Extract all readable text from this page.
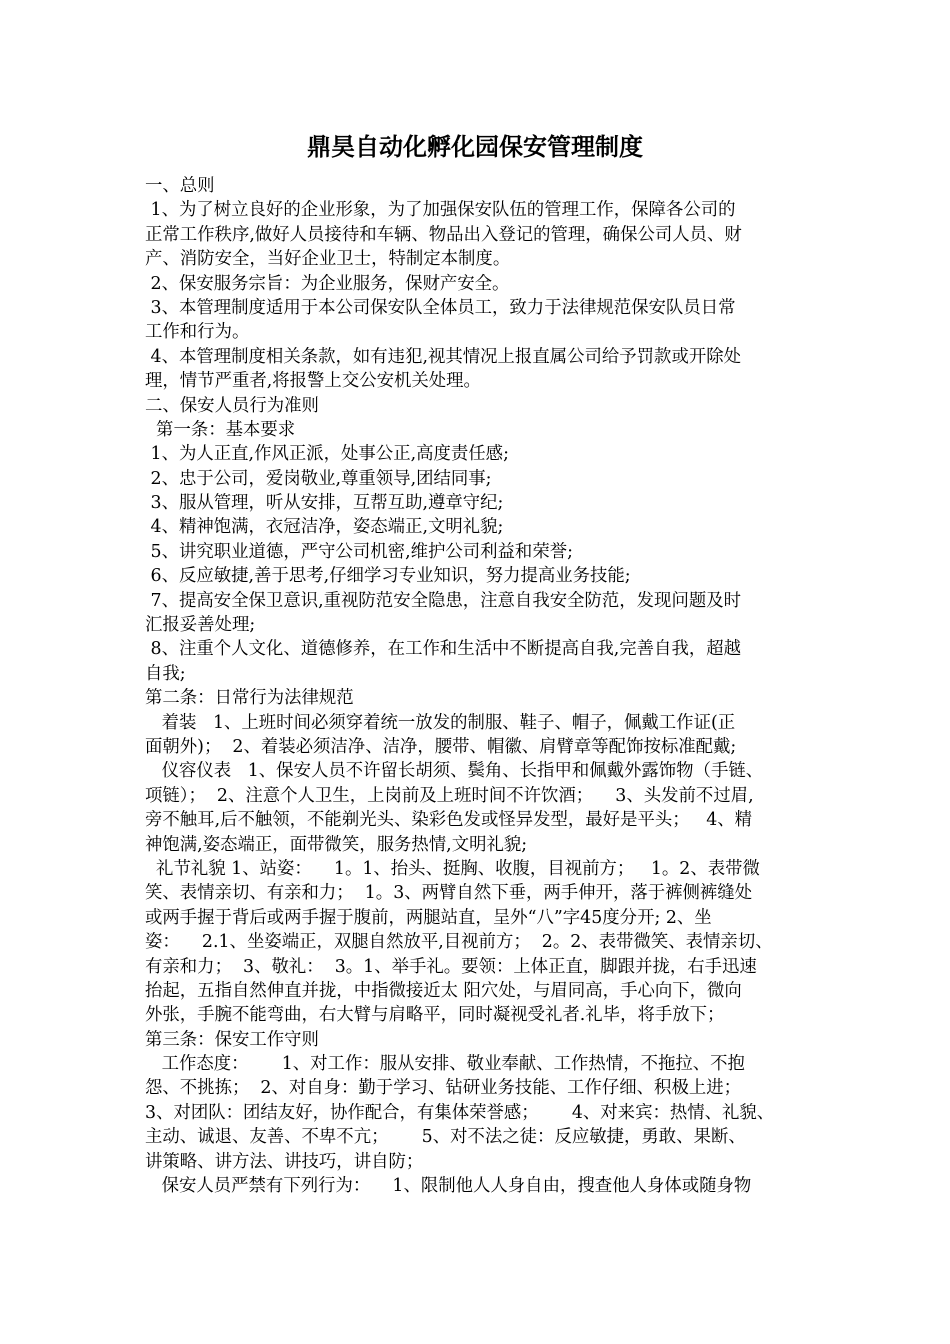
鼎昊自动化孵化园保安管理制度

一、总则

1、为了树立良好的企业形象，为了加强保安队伍的管理工作，保障各公司的

正常工作秩序,做好人员接待和车辆、物品出入登记的管理，确保公司人员、财

产、消防安全，当好企业卫士，特制定本制度。

2、保安服务宗旨：为企业服务，保财产安全。

3、本管理制度适用于本公司保安队全体员工，致力于法律规范保安队员日常

工作和行为。

4、本管理制度相关条款，如有违犯,视其情况上报直属公司给予罚款或开除处

理，情节严重者,将报警上交公安机关处理。

二、保安人员行为准则

第一条：基本要求

1、为人正直,作风正派，处事公正,高度责任感;

2、忠于公司，爱岗敬业,尊重领导,团结同事;

3、服从管理，听从安排，互帮互助,遵章守纪;

4、精神饱满，衣冠洁净，姿态端正,文明礼貌;

5、讲究职业道德，严守公司机密,维护公司利益和荣誉;

6、反应敏捷,善于思考,仔细学习专业知识，努力提高业务技能;

7、提高安全保卫意识,重视防范安全隐患，注意自我安全防范，发现问题及时

汇报妥善处理;

8、注重个人文化、道德修养，在工作和生活中不断提高自我,完善自我，超越

自我;

第二条：日常行为法律规范

着装   1、上班时间必须穿着统一放发的制服、鞋子、帽子，佩戴工作证(正

面朝外)；  2、着装必须洁净、洁净，腰带、帽徽、肩臂章等配饰按标准配戴;

仪容仪表   1、保安人员不许留长胡须、鬓角、长指甲和佩戴外露饰物（手链、

项链）；  2、注意个人卫生，上岗前及上班时间不许饮酒；    3、头发前不过眉,

旁不触耳,后不触领，不能剃光头、染彩色发或怪异发型，最好是平头；   4、精

神饱满,姿态端正，面带微笑，服务热情,文明礼貌;

礼节礼貌 1、站姿：    1。1、抬头、挺胸、收腹，目视前方；   1。2、表带微

笑、表情亲切、有亲和力；  1。3、两臂自然下垂，两手伸开，落于裤侧裤缝处

或两手握于背后或两手握于腹前，两腿站直，呈外“八”字45度分开; 2、坐

姿：    2.1、坐姿端正，双腿自然放平,目视前方；  2。2、表带微笑、表情亲切、

有亲和力；  3、敬礼：  3。1、举手礼。要领：上体正直，脚跟并拢，右手迅速

抬起，五指自然伸直并拢，中指微接近太 阳穴处，与眉同高，手心向下，微向

外张，手腕不能弯曲，右大臂与肩略平，同时凝视受礼者.礼毕，将手放下；

第三条：保安工作守则

工作态度：      1、对工作：服从安排、敬业奉献、工作热情，不拖拉、不抱

怨、不挑拣；  2、对自身：勤于学习、钻研业务技能、工作仔细、积极上进；

3、对团队：团结友好，协作配合，有集体荣誉感；      4、对来宾：热情、礼貌、

主动、诚退、友善、不卑不亢；      5、对不法之徒：反应敏捷，勇敢、果断、

讲策略、讲方法、讲技巧，讲自防；

保安人员严禁有下列行为：    1、限制他人人身自由，搜查他人身体或随身物
